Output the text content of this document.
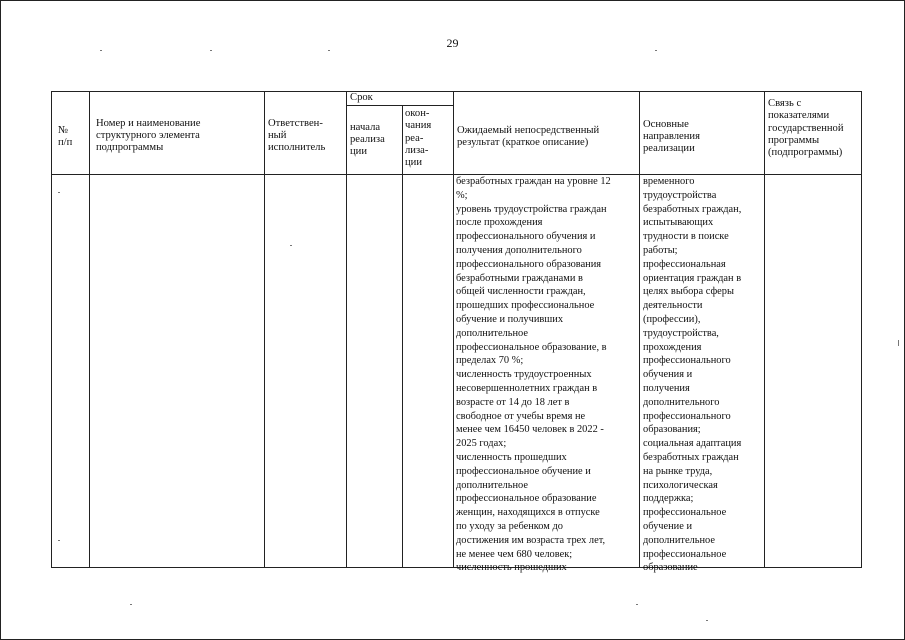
29
№
п/п
Номер и наименование
структурного элемента
подпрограммы
Ответствен-
ный
исполнитель
Срок
начала
реализа
ции
окон-
чания
реа-
лиза-
ции
Ожидаемый непосредственный
результат (краткое описание)
Основные
направления
реализации
Связь с
показателями
государственной
программы
(подпрограммы)
безработных граждан на уровне 12
%;
уровень трудоустройства граждан
после прохождения
профессионального обучения и
получения дополнительного
профессионального образования
безработными гражданами в
общей численности граждан,
прошедших профессиональное
обучение и получивших
дополнительное
профессиональное образование, в
пределах 70 %;
численность трудоустроенных
несовершеннолетних граждан в
возрасте от 14 до 18 лет в
свободное от учебы время не
менее чем 16450 человек в 2022 -
2025 годах;
численность прошедших
профессиональное обучение и
дополнительное
профессиональное образование
женщин, находящихся в отпуске
по уходу за ребенком до
достижения им возраста трех лет,
не менее чем 680 человек;
численность прошедших
временного
трудоустройства
безработных граждан,
испытывающих
трудности в поиске
работы;
профессиональная
ориентация граждан в
целях выбора сферы
деятельности
(профессии),
трудоустройства,
прохождения
профессионального
обучения и
получения
дополнительного
профессионального
образования;
социальная адаптация
безработных граждан
на рынке труда,
психологическая
поддержка;
профессиональное
обучение и
дополнительное
профессиональное
образование
